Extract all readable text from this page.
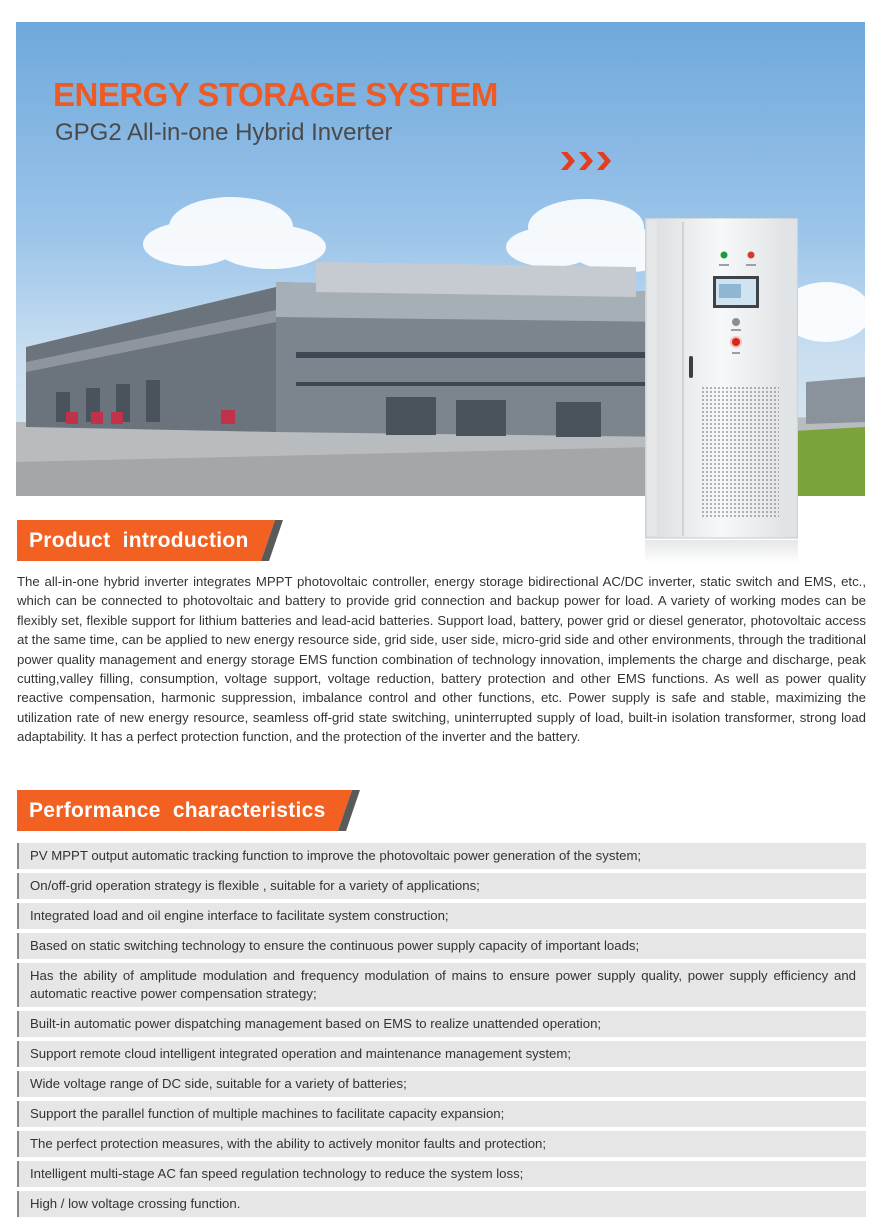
ENERGY STORAGE SYSTEM

GPG2 All-in-one Hybrid Inverter

Product introduction

The all-in-one hybrid inverter integrates MPPT photovoltaic controller, energy storage bidirectional AC/DC inverter, static switch and EMS, etc., which can be connected to photovoltaic and battery to provide grid connection and backup power for load. A variety of working modes can be flexibly set, flexible support for lithium batteries and lead-acid batteries. Support load, battery, power grid or diesel generator, photovoltaic access at the same time, can be applied to new energy resource side, grid side, user side, micro-grid side and other environments, through the traditional power quality management and energy storage EMS function combination of technology innovation, implements the charge and discharge, peak cutting,valley filling, consumption, voltage support, voltage reduction, battery protection and other EMS functions. As well as power quality reactive compensation, harmonic suppression, imbalance control and other functions, etc. Power supply is safe and stable, maximizing the utilization rate of new energy resource, seamless off-grid state switching, uninterrupted supply of load, built-in isolation transformer, strong load adaptability. It has a perfect protection function, and the protection of the inverter and the battery.

Performance characteristics
PV MPPT output automatic tracking function to improve the photovoltaic power generation of the system;
On/off-grid operation strategy is flexible , suitable for a variety of applications;
Integrated load and oil engine interface to facilitate system construction;
Based on static switching technology to ensure the continuous power supply capacity of important loads;
Has the ability of amplitude modulation and frequency modulation of mains to ensure power supply quality, power supply efficiency and automatic reactive power compensation strategy;
Built-in automatic power dispatching management based on EMS to realize unattended operation;
Support remote cloud intelligent integrated operation and maintenance management system;
Wide voltage range of DC side, suitable for a variety of batteries;
Support the parallel function of multiple machines to facilitate capacity expansion;
The perfect protection measures, with the ability to actively monitor faults and protection;
Intelligent multi-stage AC fan speed regulation technology to reduce the system loss;
High / low voltage crossing function.
